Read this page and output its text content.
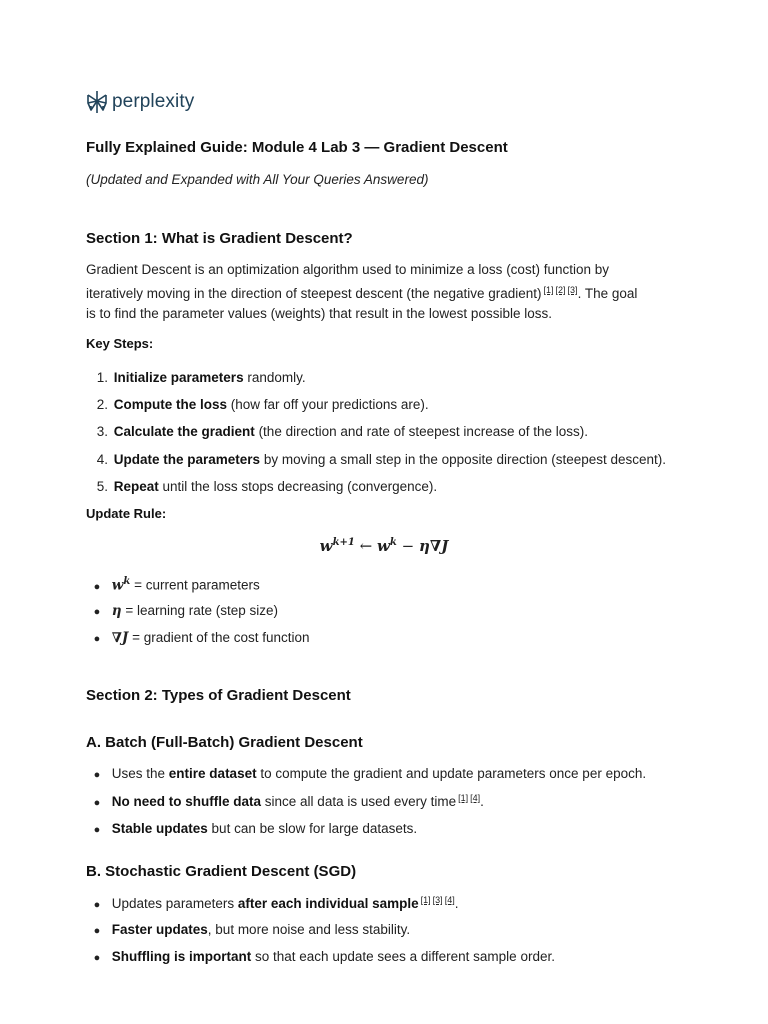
perplexity
Fully Explained Guide: Module 4 Lab 3 — Gradient Descent
(Updated and Expanded with All Your Queries Answered)
Section 1: What is Gradient Descent?
Gradient Descent is an optimization algorithm used to minimize a loss (cost) function by
iteratively moving in the direction of steepest descent (the negative gradient) [1] [2] [3]. The goal
is to find the parameter values (weights) that result in the lowest possible loss.
Key Steps:
1. Initialize parameters randomly.
2. Compute the loss (how far off your predictions are).
3. Calculate the gradient (the direction and rate of steepest increase of the loss).
4. Update the parameters by moving a small step in the opposite direction (steepest descent).
5. Repeat until the loss stops decreasing (convergence).
Update Rule:
$w^{k+1}$ ← $w^k - \eta\nabla J$
● $w^k$ = current parameters
● η = learning rate (step size)
● ∇J = gradient of the cost function
Section 2: Types of Gradient Descent
A. Batch (Full-Batch) Gradient Descent
● Uses the entire dataset to compute the gradient and update parameters once per epoch.
● No need to shuffle data since all data is used every time [1] [4].
● Stable updates but can be slow for large datasets.
B. Stochastic Gradient Descent (SGD)
● Updates parameters after each individual sample [1] [3] [4].
● Faster updates, but more noise and less stability.
● Shuffling is important so that each update sees a different sample order.
